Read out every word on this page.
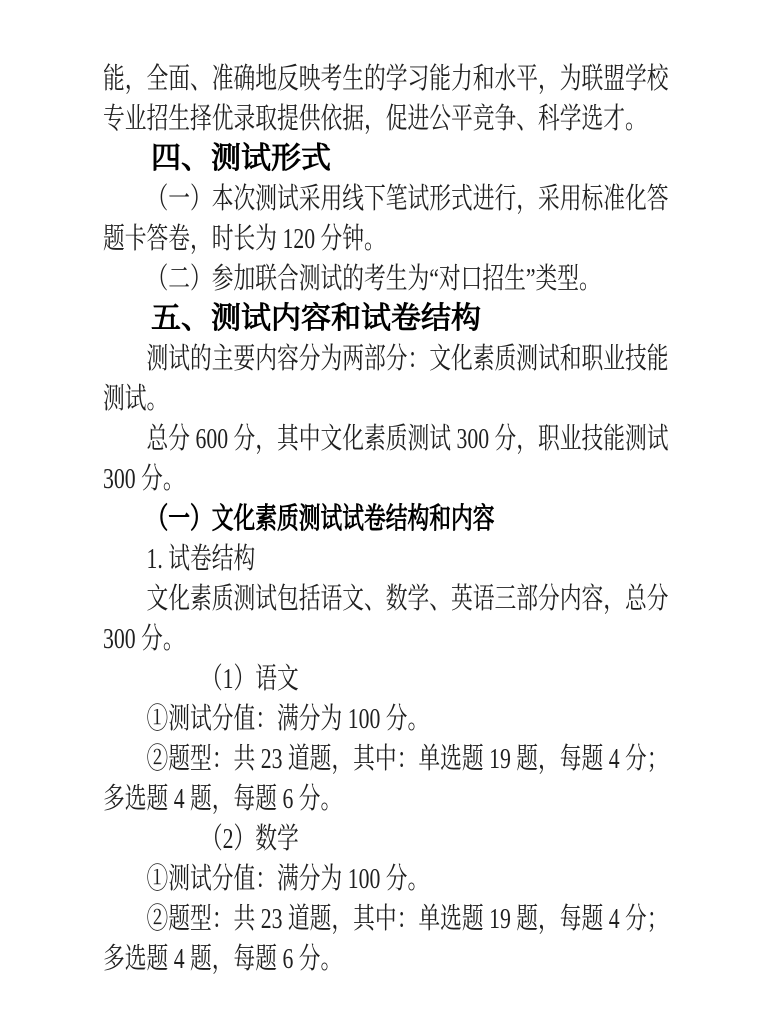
能，全面、准确地反映考生的学习能力和水平，为联盟学校
专业招生择优录取提供依据，促进公平竞争、科学选才。
四、测试形式
（一）本次测试采用线下笔试形式进行，采用标准化答
题卡答卷，时长为 120 分钟。
（二）参加联合测试的考生为“对口招生”类型。
五、测试内容和试卷结构
测试的主要内容分为两部分：文化素质测试和职业技能
测试。
总分 600 分，其中文化素质测试 300 分，职业技能测试
300 分。
（一）文化素质测试试卷结构和内容
1. 试卷结构
文化素质测试包括语文、数学、英语三部分内容，总分
300 分。
（1）语文
①测试分值：满分为 100 分。
②题型：共 23 道题，其中：单选题 19 题，每题 4 分；
多选题 4 题，每题 6 分。
（2）数学
①测试分值：满分为 100 分。
②题型：共 23 道题，其中：单选题 19 题，每题 4 分；
多选题 4 题，每题 6 分。
